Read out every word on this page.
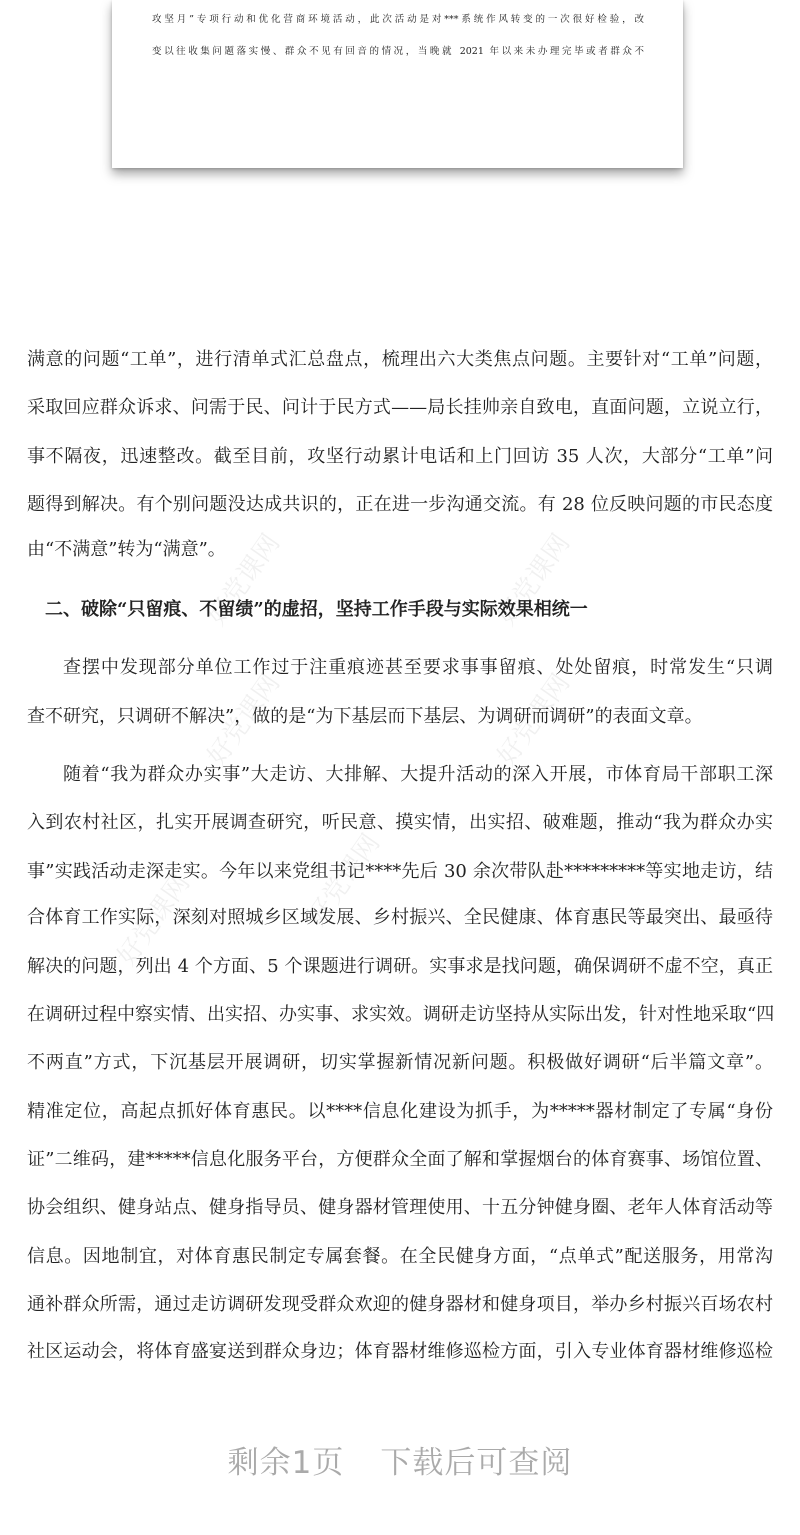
攻坚月”专项行动和优化营商环境活动，此次活动是对***系统作风转变的一次很好检验，改
变以往收集问题落实慢、群众不见有回音的情况，当晚就 2021 年以来未办理完毕或者群众不
好党课网	好党课网
好党课网	好党课网
好党课网	好党课网
满意的问题“工单”，进行清单式汇总盘点，梳理出六大类焦点问题。主要针对“工单”问题，
采取回应群众诉求、问需于民、问计于民方式——局长挂帅亲自致电，直面问题，立说立行，
事不隔夜，迅速整改。截至目前，攻坚行动累计电话和上门回访 35 人次，大部分“工单”问
题得到解决。有个别问题没达成共识的，正在进一步沟通交流。有 28 位反映问题的市民态度
由“不满意”转为“满意”。
二、破除“只留痕、不留绩”的虚招，坚持工作手段与实际效果相统一
查摆中发现部分单位工作过于注重痕迹甚至要求事事留痕、处处留痕，时常发生“只调
查不研究，只调研不解决”，做的是“为下基层而下基层、为调研而调研”的表面文章。
随着“我为群众办实事”大走访、大排解、大提升活动的深入开展，市体育局干部职工深
入到农村社区，扎实开展调查研究，听民意、摸实情，出实招、破难题，推动“我为群众办实
事”实践活动走深走实。今年以来党组书记****先后 30 余次带队赴*********等实地走访，结
合体育工作实际，深刻对照城乡区域发展、乡村振兴、全民健康、体育惠民等最突出、最亟待
解决的问题，列出 4 个方面、5 个课题进行调研。实事求是找问题，确保调研不虚不空，真正
在调研过程中察实情、出实招、办实事、求实效。调研走访坚持从实际出发，针对性地采取“四
不两直”方式，下沉基层开展调研，切实掌握新情况新问题。积极做好调研“后半篇文章”。
精准定位，高起点抓好体育惠民。以****信息化建设为抓手，为*****器材制定了专属“身份
证”二维码，建*****信息化服务平台，方便群众全面了解和掌握烟台的体育赛事、场馆位置、
协会组织、健身站点、健身指导员、健身器材管理使用、十五分钟健身圈、老年人体育活动等
信息。因地制宜，对体育惠民制定专属套餐。在全民健身方面，“点单式”配送服务，用常沟
通补群众所需，通过走访调研发现受群众欢迎的健身器材和健身项目，举办乡村振兴百场农村
社区运动会，将体育盛宴送到群众身边；体育器材维修巡检方面，引入专业体育器材维修巡检
剩余1页 下载后可查阅
